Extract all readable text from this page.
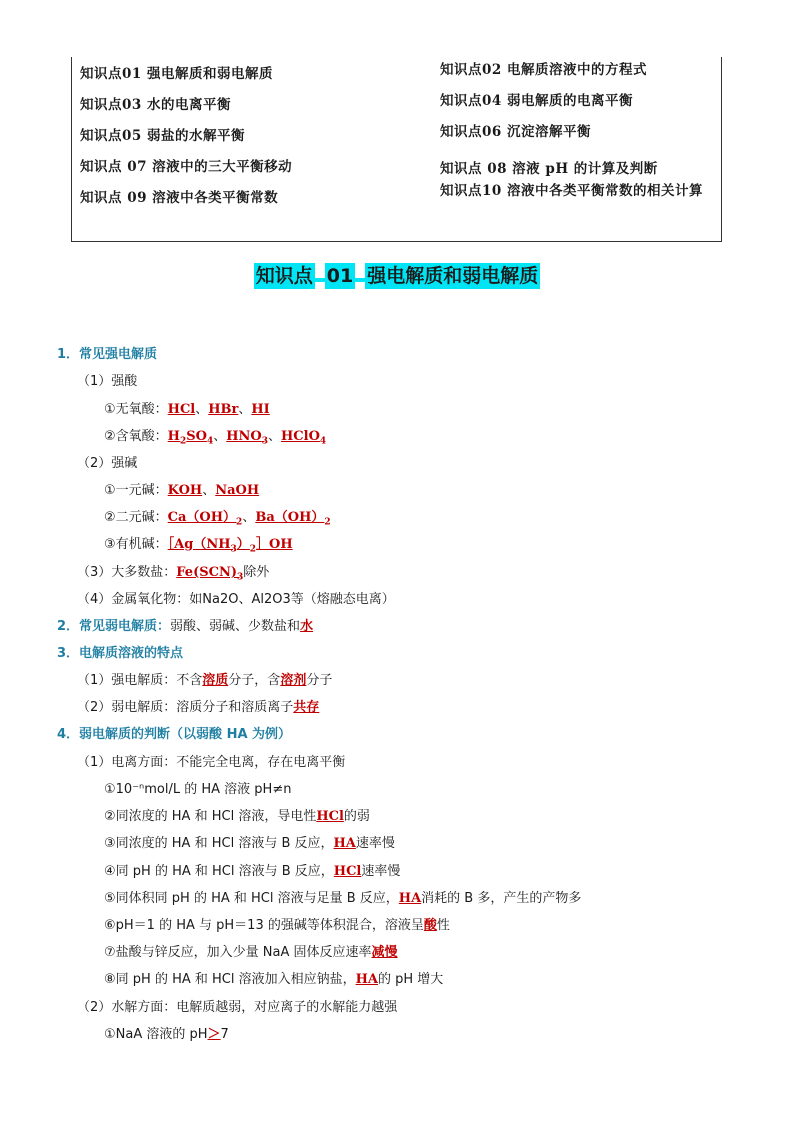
知识点01 强电解质和弱电解质
知识点03 水的电离平衡
知识点05 弱盐的水解平衡
知识点 07 溶液中的三大平衡移动
知识点 09 溶液中各类平衡常数
知识点02 电解质溶液中的方程式
知识点04 弱电解质的电离平衡
知识点06 沉淀溶解平衡
知识点 08 溶液 pH 的计算及判断
知识点10 溶液中各类平衡常数的相关计算
知识点 01 强电解质和弱电解质
1．常见强电解质
（1）强酸
①无氧酸：HCl、HBr、HI
②含氧酸：$H_2SO_4$、$HNO_3$、HClO$_4$
（2）强碱
①一元碱：KOH、NaOH
②二元碱：$Ca(OH)_2$、$Ba(OH)_2$
③有机碱：$[Ag(NH_3)_2]OH$
（3）大多数盐：$Fe(SCN)_3$除外
（4）金属氧化物：如Na2O、Al2O3等（熔融态电离）
2．常见弱电解质：弱酸、弱碱、少数盐和水
3．电解质溶液的特点
（1）强电解质：不含溶质分子，含溶剂分子
（2）弱电解质：溶质分子和溶质离子共存
4．弱电解质的判断（以弱酸 HA 为例）
（1）电离方面：不能完全电离，存在电离平衡
①10⁻ⁿmol/L 的 HA 溶液 pH≠n
②同浓度的 HA 和 HCl 溶液，导电性HCl的弱
③同浓度的 HA 和 HCl 溶液与 B 反应，HA速率慢
④同 pH 的 HA 和 HCl 溶液与 B 反应，HCl速率慢
⑤同体积同 pH 的 HA 和 HCl 溶液与足量 B 反应，HA消耗的 B 多，产生的产物多
⑥pH＝1 的 HA 与 pH＝13 的强碱等体积混合，溶液呈酸性
⑦盐酸与锌反应，加入少量 NaA 固体反应速率减慢
⑧同 pH 的 HA 和 HCl 溶液加入相应钠盐，HA的 pH 增大
（2）水解方面：电解质越弱，对应离子的水解能力越强
①NaA 溶液的 pH＞7
